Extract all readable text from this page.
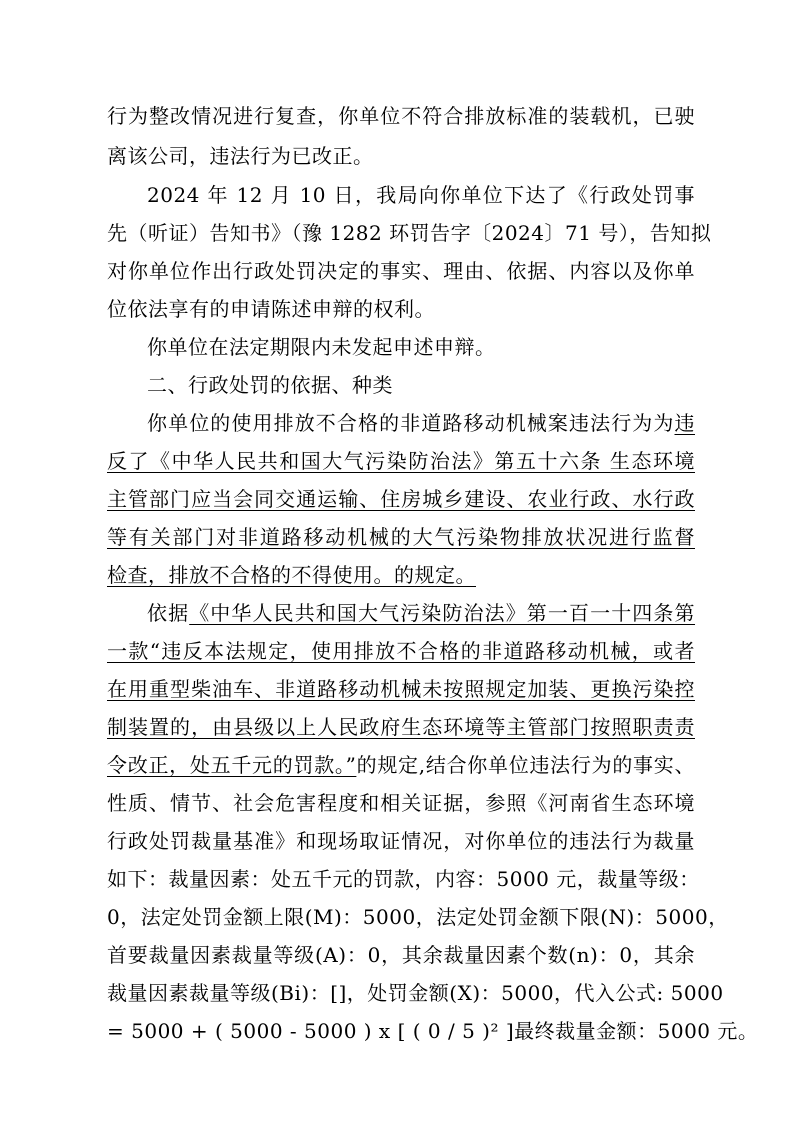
行为整改情况进行复查，你单位不符合排放标准的装载机，已驶
离该公司，违法行为已改正。
2024 年 12 月 10 日，我局向你单位下达了《行政处罚事
先（听证）告知书》（豫 1282 环罚告字〔2024〕71 号），告知拟
对你单位作出行政处罚决定的事实、理由、依据、内容以及你单
位依法享有的申请陈述申辩的权利。
你单位在法定期限内未发起申述申辩。
二、行政处罚的依据、种类
你单位的使用排放不合格的非道路移动机械案违法行为为违
反了《中华人民共和国大气污染防治法》第五十六条 生态环境
主管部门应当会同交通运输、住房城乡建设、农业行政、水行政
等有关部门对非道路移动机械的大气污染物排放状况进行监督
检查，排放不合格的不得使用。的规定。
依据《中华人民共和国大气污染防治法》第一百一十四条第
一款“违反本法规定，使用排放不合格的非道路移动机械，或者
在用重型柴油车、非道路移动机械未按照规定加装、更换污染控
制装置的，由县级以上人民政府生态环境等主管部门按照职责责
令改正，处五千元的罚款。”的规定,结合你单位违法行为的事实、
性质、情节、社会危害程度和相关证据，参照《河南省生态环境
行政处罚裁量基准》和现场取证情况，对你单位的违法行为裁量
如下：裁量因素：处五千元的罚款，内容：5000 元，裁量等级：
0，法定处罚金额上限(M)：5000，法定处罚金额下限(N)：5000，
首要裁量因素裁量等级(A)：0，其余裁量因素个数(n)：0，其余
裁量因素裁量等级(Bi)：[]，处罚金额(X)：5000，代入公式: 5000
= 5000 + ( 5000 - 5000 ) x [ ( 0 / 5 )² ]最终裁量金额：5000 元。
